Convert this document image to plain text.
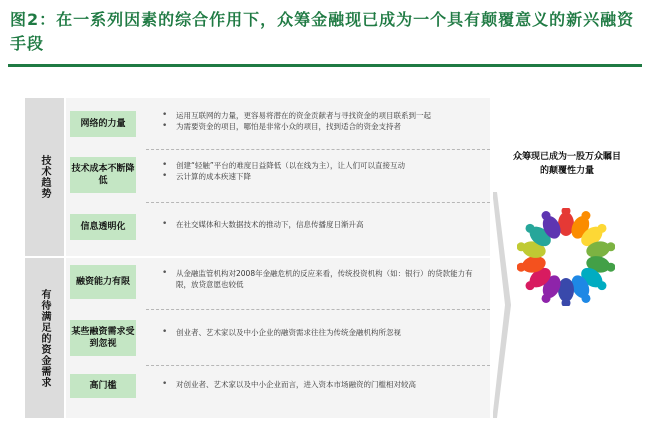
图2：在一系列因素的综合作用下，众筹金融现已成为一个具有颠覆意义的新兴融资手段
技术趋势
有待满足的资金需求
网络的力量
• 运用互联网的力量，更容易将潜在的资金贡献者与寻找资金的项目联系到一起
• 为需要资金的项目，哪怕是非常小众的项目，找到适合的资金支持者
技术成本不断降低
• 创建“轻触”平台的难度日益降低（以在线为主），让人们可以直接互动
• 云计算的成本疾速下降
信息透明化	• 在社交媒体和大数据技术的推动下，信息传播度日渐升高
融资能力有限
• 从金融监管机构对2008年金融危机的反应来看，传统投资机构（如：银行）的贷款能力有限，放贷意愿也较低
某些融资需求受到忽视
• 创业者、艺术家以及中小企业的融资需求往往为传统金融机构所忽视
高门槛	• 对创业者、艺术家以及中小企业而言，进入资本市场融资的门槛相对较高
众筹现已成为一股万众瞩目的颠覆性力量
